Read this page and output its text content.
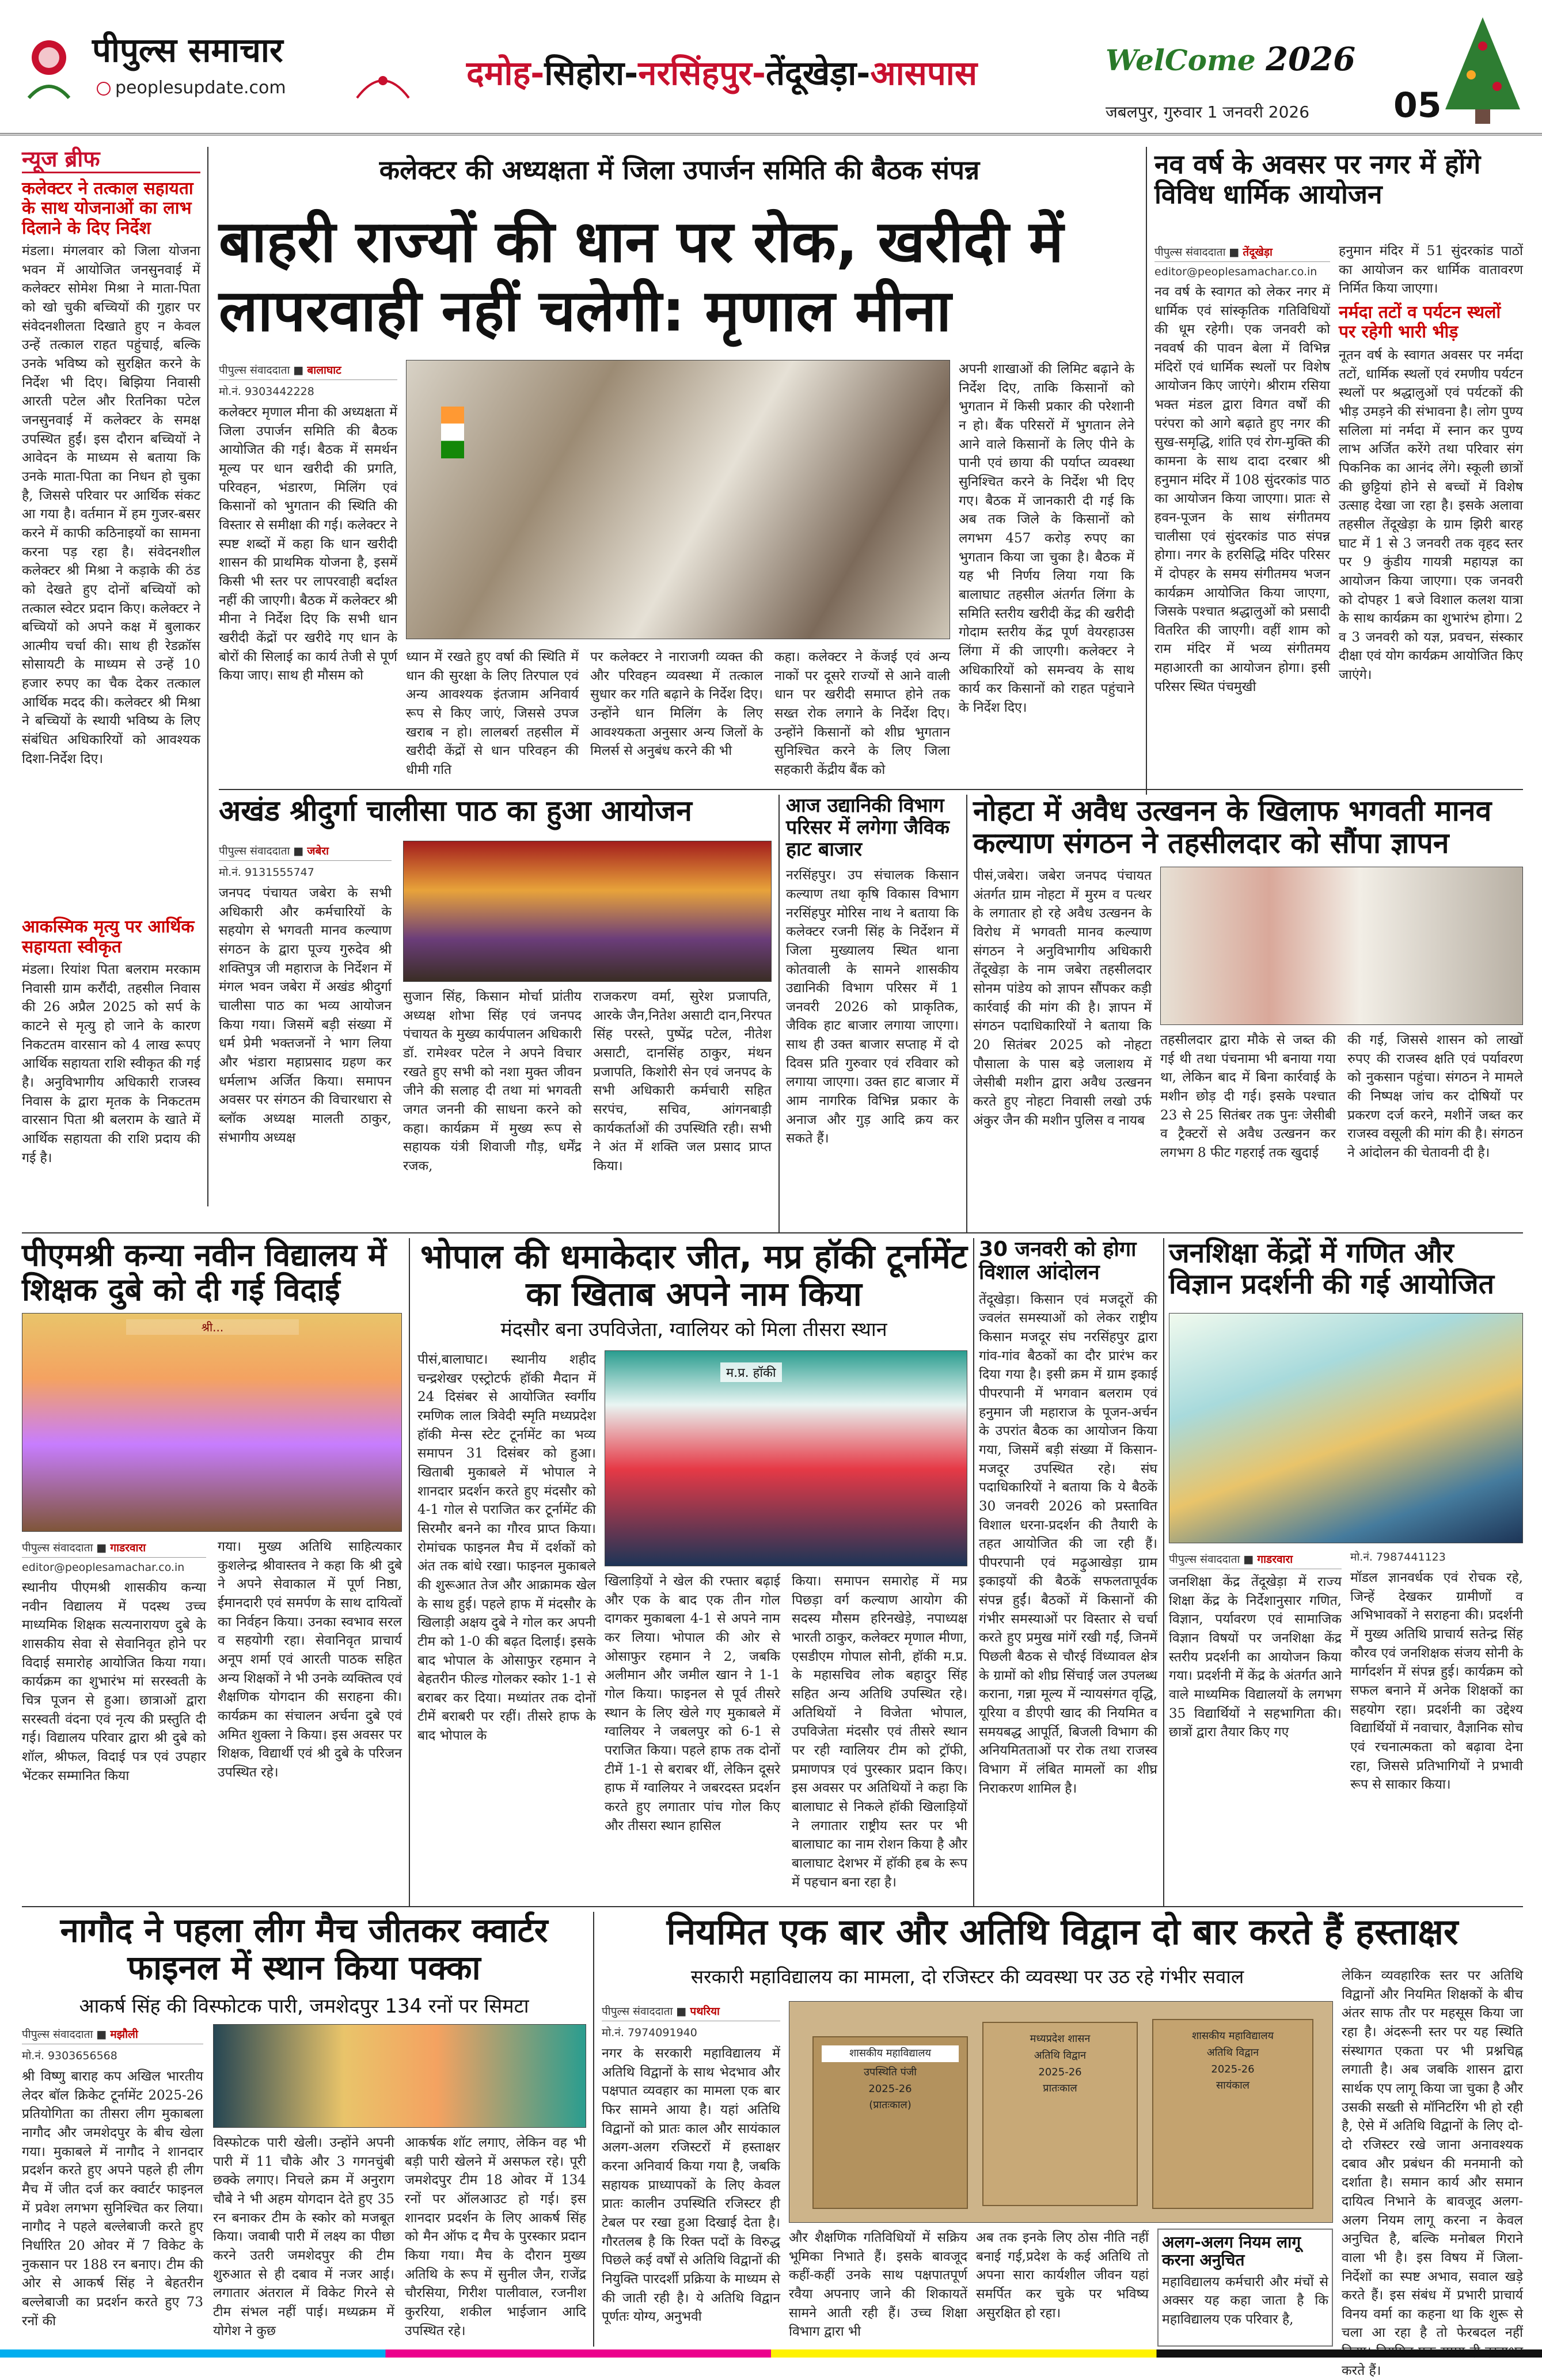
पीपुल्स समाचार
peoplesupdate.com	दमोह-सिहोरा-नरसिंहपुर-तेंदूखेड़ा-आसपास	WelCome 2026
जबलपुर, गुरुवार 1 जनवरी 2026 05
न्यूज ब्रीफ
कलेक्टर ने तत्काल सहायता के साथ योजनाओं का लाभ दिलाने के दिए निर्देश
मंडला। मंगलवार को जिला योजना भवन में आयोजित जनसुनवाई में कलेक्टर सोमेश मिश्रा ने माता-पिता को खो चुकी बच्चियों की गुहार पर संवेदनशीलता दिखाते हुए न केवल उन्हें तत्काल राहत पहुंचाई, बल्कि उनके भविष्य को सुरक्षित करने के निर्देश भी दिए। बिझिया निवासी आरती पटेल और रितनिका पटेल जनसुनवाई में कलेक्टर के समक्ष उपस्थित हुईं। इस दौरान बच्चियों ने आवेदन के माध्यम से बताया कि उनके माता-पिता का निधन हो चुका है, जिससे परिवार पर आर्थिक संकट आ गया है। वर्तमान में हम गुजर-बसर करने में काफी कठिनाइयों का सामना करना पड़ रहा है। संवेदनशील कलेक्टर श्री मिश्रा ने कड़ाके की ठंड को देखते हुए दोनों बच्चियों को तत्काल स्वेटर प्रदान किए। कलेक्टर ने बच्चियों को अपने कक्ष में बुलाकर आत्मीय चर्चा की। साथ ही रेडक्रॉस सोसायटी के माध्यम से उन्हें 10 हजार रुपए का चैक देकर तत्काल आर्थिक मदद की। कलेक्टर श्री मिश्रा ने बच्चियों के स्थायी भविष्य के लिए संबंधित अधिकारियों को आवश्यक दिशा-निर्देश दिए।
आकस्मिक मृत्यु पर आर्थिक सहायता स्वीकृत
मंडला। रियांश पिता बलराम मरकाम निवासी ग्राम करौंदी, तहसील निवास की 26 अप्रैल 2025 को सर्प के काटने से मृत्यु हो जाने के कारण निकटतम वारसान को 4 लाख रूपए आर्थिक सहायता राशि स्वीकृत की गई है। अनुविभागीय अधिकारी राजस्व निवास के द्वारा मृतक के निकटतम वारसान पिता श्री बलराम के खाते में आर्थिक सहायता की राशि प्रदाय की गई है।
कलेक्टर की अध्यक्षता में जिला उपार्जन समिति की बैठक संपन्न
बाहरी राज्यों की धान पर रोक, खरीदी में लापरवाही नहीं चलेगी: मृणाल मीना
पीपुल्स संवाददाता ■ बालाघाट
मो.नं. 9303442228
कलेक्टर मृणाल मीना की अध्यक्षता में जिला उपार्जन समिति की बैठक आयोजित की गई। बैठक में समर्थन मूल्य पर धान खरीदी की प्रगति, परिवहन, भंडारण, मिलिंग एवं किसानों को भुगतान की स्थिति की विस्तार से समीक्षा की गई। कलेक्टर ने स्पष्ट शब्दों में कहा कि धान खरीदी शासन की प्राथमिक योजना है, इसमें किसी भी स्तर पर लापरवाही बर्दाश्त नहीं की जाएगी। बैठक में कलेक्टर श्री मीना ने निर्देश दिए कि सभी धान खरीदी केंद्रों पर खरीदे गए धान के बोरों की सिलाई का कार्य तेजी से पूर्ण किया जाए। साथ ही मौसम को
ध्यान में रखते हुए वर्षा की स्थिति में धान की सुरक्षा के लिए तिरपाल एवं अन्य आवश्यक इंतजाम अनिवार्य रूप से किए जाएं, जिससे उपज खराब न हो। लालबर्रा तहसील में खरीदी केंद्रों से धान परिवहन की धीमी गति
पर कलेक्टर ने नाराजगी व्यक्त की और परिवहन व्यवस्था में तत्काल सुधार कर गति बढ़ाने के निर्देश दिए। उन्होंने धान मिलिंग के लिए आवश्यकता अनुसार अन्य जिलों के मिलर्स से अनुबंध करने की भी
कहा। कलेक्टर ने केंजई एवं अन्य नाकों पर दूसरे राज्यों से आने वाली धान पर खरीदी समाप्त होने तक सख्त रोक लगाने के निर्देश दिए। उन्होंने किसानों को शीघ्र भुगतान सुनिश्चित करने के लिए जिला सहकारी केंद्रीय बैंक को
अपनी शाखाओं की लिमिट बढ़ाने के निर्देश दिए, ताकि किसानों को भुगतान में किसी प्रकार की परेशानी न हो। बैंक परिसरों में भुगतान लेने आने वाले किसानों के लिए पीने के पानी एवं छाया की पर्याप्त व्यवस्था सुनिश्चित करने के निर्देश भी दिए गए। बैठक में जानकारी दी गई कि अब तक जिले के किसानों को लगभग 457 करोड़ रुपए का भुगतान किया जा चुका है। बैठक में यह भी निर्णय लिया गया कि बालाघाट तहसील अंतर्गत लिंगा के समिति स्तरीय खरीदी केंद्र की खरीदी गोदाम स्तरीय केंद्र पूर्ण वेयरहाउस लिंगा में की जाएगी। कलेक्टर ने अधिकारियों को समन्वय के साथ कार्य कर किसानों को राहत पहुंचाने के निर्देश दिए।
नव वर्ष के अवसर पर नगर में होंगे विविध धार्मिक आयोजन
पीपुल्स संवाददाता ■ तेंदूखेड़ा
editor@peoplesamachar.co.in
नव वर्ष के स्वागत को लेकर नगर में धार्मिक एवं सांस्कृतिक गतिविधियों की धूम रहेगी। एक जनवरी को नववर्ष की पावन बेला में विभिन्न मंदिरों एवं धार्मिक स्थलों पर विशेष आयोजन किए जाएंगे। श्रीराम रसिया भक्त मंडल द्वारा विगत वर्षों की परंपरा को आगे बढ़ाते हुए नगर की सुख-समृद्धि, शांति एवं रोग-मुक्ति की कामना के साथ दादा दरबार श्री हनुमान मंदिर में 108 सुंदरकांड पाठ का आयोजन किया जाएगा। प्रातः से हवन-पूजन के साथ संगीतमय चालीसा एवं सुंदरकांड पाठ संपन्न होगा। नगर के हरसिद्धि मंदिर परिसर में दोपहर के समय संगीतमय भजन कार्यक्रम आयोजित किया जाएगा, जिसके पश्चात श्रद्धालुओं को प्रसादी वितरित की जाएगी। वहीं शाम को राम मंदिर में भव्य संगीतमय महाआरती का आयोजन होगा। इसी परिसर स्थित पंचमुखी
हनुमान मंदिर में 51 सुंदरकांड पाठों का आयोजन कर धार्मिक वातावरण निर्मित किया जाएगा।
नर्मदा तटों व पर्यटन स्थलों पर रहेगी भारी भीड़
नूतन वर्ष के स्वागत अवसर पर नर्मदा तटों, धार्मिक स्थलों एवं रमणीय पर्यटन स्थलों पर श्रद्धालुओं एवं पर्यटकों की भीड़ उमड़ने की संभावना है। लोग पुण्य सलिला मां नर्मदा में स्नान कर पुण्य लाभ अर्जित करेंगे तथा परिवार संग पिकनिक का आनंद लेंगे। स्कूली छात्रों की छुट्टियां होने से बच्चों में विशेष उत्साह देखा जा रहा है। इसके अलावा तहसील तेंदूखेड़ा के ग्राम झिरी बारह घाट में 1 से 3 जनवरी तक वृहद स्तर पर 9 कुंडीय गायत्री महायज्ञ का आयोजन किया जाएगा। एक जनवरी को दोपहर 1 बजे विशाल कलश यात्रा के साथ कार्यक्रम का शुभारंभ होगा। 2 व 3 जनवरी को यज्ञ, प्रवचन, संस्कार दीक्षा एवं योग कार्यक्रम आयोजित किए जाएंगे।
अखंड श्रीदुर्गा चालीसा पाठ का हुआ आयोजन
पीपुल्स संवाददाता ■ जबेरा
मो.नं. 9131555747
जनपद पंचायत जबेरा के सभी अधिकारी और कर्मचारियों के सहयोग से भगवती मानव कल्याण संगठन के द्वारा पूज्य गुरुदेव श्री शक्तिपुत्र जी महाराज के निर्देशन में मंगल भवन जबेरा में अखंड श्रीदुर्गा चालीसा पाठ का भव्य आयोजन किया गया। जिसमें बड़ी संख्या में धर्म प्रेमी भक्तजनों ने भाग लिया और भंडारा महाप्रसाद ग्रहण कर धर्मलाभ अर्जित किया। समापन अवसर पर संगठन की विचारधारा से ब्लॉक अध्यक्ष मालती ठाकुर, संभागीय अध्यक्ष
सुजान सिंह, किसान मोर्चा प्रांतीय अध्यक्ष शोभा सिंह एवं जनपद पंचायत के मुख्य कार्यपालन अधिकारी डॉ. रामेश्वर पटेल ने अपने विचार रखते हुए सभी को नशा मुक्त जीवन जीने की सलाह दी तथा मां भगवती जगत जननी की साधना करने को कहा। कार्यक्रम में मुख्य रूप से सहायक यंत्री शिवाजी गौड़, धर्मेंद्र रजक,
राजकरण वर्मा, सुरेश प्रजापति, आरके जैन,नितेश असाटी दान,निरपत सिंह परस्ते, पुष्पेंद्र पटेल, नीतेश असाटी, दानसिंह ठाकुर, मंथन प्रजापति, किशोरी सेन एवं जनपद के सभी अधिकारी कर्मचारी सहित सरपंच, सचिव, आंगनबाड़ी कार्यकर्ताओं की उपस्थिति रही। सभी ने अंत में शक्ति जल प्रसाद प्राप्त किया।
आज उद्यानिकी विभाग परिसर में लगेगा जैविक हाट बाजार
नरसिंहपुर। उप संचालक किसान कल्याण तथा कृषि विकास विभाग नरसिंहपुर मोरिस नाथ ने बताया कि कलेक्टर रजनी सिंह के निर्देशन में जिला मुख्यालय स्थित थाना कोतवाली के सामने शासकीय उद्यानिकी विभाग परिसर में 1 जनवरी 2026 को प्राकृतिक, जैविक हाट बाजार लगाया जाएगा। साथ ही उक्त बाजार सप्ताह में दो दिवस प्रति गुरुवार एवं रविवार को लगाया जाएगा। उक्त हाट बाजार में आम नागरिक विभिन्न प्रकार के अनाज और गुड़ आदि क्रय कर सकते हैं।
नोहटा में अवैध उत्खनन के खिलाफ भगवती मानव कल्याण संगठन ने तहसीलदार को सौंपा ज्ञापन
पीसं,जबेरा। जबेरा जनपद पंचायत अंतर्गत ग्राम नोहटा में मुरम व पत्थर के लगातार हो रहे अवैध उत्खनन के विरोध में भगवती मानव कल्याण संगठन ने अनुविभागीय अधिकारी तेंदूखेड़ा के नाम जबेरा तहसीलदार सोनम पांडेय को ज्ञापन सौंपकर कड़ी कार्रवाई की मांग की है। ज्ञापन में संगठन पदाधिकारियों ने बताया कि 20 सितंबर 2025 को नोहटा पौसाला के पास बड़े जलाशय में जेसीबी मशीन द्वारा अवैध उत्खनन करते हुए नोहटा निवासी लखो उर्फ अंकुर जैन की मशीन पुलिस व नायब
तहसीलदार द्वारा मौके से जब्त की गई थी तथा पंचनामा भी बनाया गया था, लेकिन बाद में बिना कार्रवाई के मशीन छोड़ दी गई। इसके पश्चात 23 से 25 सितंबर तक पुनः जेसीबी व ट्रैक्टरों से अवैध उत्खनन कर लगभग 8 फीट गहराई तक खुदाई
की गई, जिससे शासन को लाखों रुपए की राजस्व क्षति एवं पर्यावरण को नुकसान पहुंचा। संगठन ने मामले की निष्पक्ष जांच कर दोषियों पर प्रकरण दर्ज करने, मशीनें जब्त कर राजस्व वसूली की मांग की है। संगठन ने आंदोलन की चेतावनी दी है।
पीएमश्री कन्या नवीन विद्यालय में शिक्षक दुबे को दी गई विदाई
श्री...
पीपुल्स संवाददाता ■ गाडरवारा
editor@peoplesamachar.co.in
स्थानीय पीएमश्री शासकीय कन्या नवीन विद्यालय में पदस्थ उच्च माध्यमिक शिक्षक सत्यनारायण दुबे के शासकीय सेवा से सेवानिवृत होने पर विदाई समारोह आयोजित किया गया। कार्यक्रम का शुभारंभ मां सरस्वती के चित्र पूजन से हुआ। छात्राओं द्वारा सरस्वती वंदना एवं नृत्य की प्रस्तुति दी गई। विद्यालय परिवार द्वारा श्री दुबे को शॉल, श्रीफल, विदाई पत्र एवं उपहार भेंटकर सम्मानित किया
गया। मुख्य अतिथि साहित्यकार कुशलेन्द्र श्रीवास्तव ने कहा कि श्री दुबे ने अपने सेवाकाल में पूर्ण निष्ठा, ईमानदारी एवं समर्पण के साथ दायित्वों का निर्वहन किया। उनका स्वभाव सरल व सहयोगी रहा। सेवानिवृत प्राचार्य अनूप शर्मा एवं आरती पाठक सहित अन्य शिक्षकों ने भी उनके व्यक्तित्व एवं शैक्षणिक योगदान की सराहना की। कार्यक्रम का संचालन अर्चना दुबे एवं अमित शुक्ला ने किया। इस अवसर पर शिक्षक, विद्यार्थी एवं श्री दुबे के परिजन उपस्थित रहे।
भोपाल की धमाकेदार जीत, मप्र हॉकी टूर्नामेंट का खिताब अपने नाम किया
मंदसौर बना उपविजेता, ग्वालियर को मिला तीसरा स्थान
पीसं,बालाघाट। स्थानीय शहीद चन्द्रशेखर एस्ट्रोटर्फ हॉकी मैदान में 24 दिसंबर से आयोजित स्वर्गीय रमणिक लाल त्रिवेदी स्मृति मध्यप्रदेश हॉकी मेन्स स्टेट टूर्नामेंट का भव्य समापन 31 दिसंबर को हुआ। खिताबी मुकाबले में भोपाल ने शानदार प्रदर्शन करते हुए मंदसौर को 4-1 गोल से पराजित कर टूर्नामेंट की सिरमौर बनने का गौरव प्राप्त किया। रोमांचक फाइनल मैच में दर्शकों को अंत तक बांधे रखा। फाइनल मुकाबले की शुरूआत तेज और आक्रामक खेल के साथ हुई। पहले हाफ में मंदसौर के खिलाड़ी अक्षय दुबे ने गोल कर अपनी टीम को 1-0 की बढ़त दिलाई। इसके बाद भोपाल के ओसाफुर रहमान ने बेहतरीन फील्ड गोलकर स्कोर 1-1 से बराबर कर दिया। मध्यांतर तक दोनों टीमें बराबरी पर रहीं। तीसरे हाफ के बाद भोपाल के
म.प्र. हॉकी
खिलाड़ियों ने खेल की रफ्तार बढ़ाई और एक के बाद एक तीन गोल दागकर मुकाबला 4-1 से अपने नाम कर लिया। भोपाल की ओर से ओसाफुर रहमान ने 2, जबकि अलीमान और जमील खान ने 1-1 गोल किया। फाइनल से पूर्व तीसरे स्थान के लिए खेले गए मुकाबले में ग्वालियर ने जबलपुर को 6-1 से पराजित किया। पहले हाफ तक दोनों टीमें 1-1 से बराबर थीं, लेकिन दूसरे हाफ में ग्वालियर ने जबरदस्त प्रदर्शन करते हुए लगातार पांच गोल किए और तीसरा स्थान हासिल
किया। समापन समारोह में मप्र पिछड़ा वर्ग कल्याण आयोग की सदस्य मौसम हरिनखेड़े, नपाध्यक्ष भारती ठाकुर, कलेक्टर मृणाल मीणा, एसडीएम गोपाल सोनी, हॉकी म.प्र. के महासचिव लोक बहादुर सिंह सहित अन्य अतिथि उपस्थित रहे। अतिथियों ने विजेता भोपाल, उपविजेता मंदसौर एवं तीसरे स्थान पर रही ग्वालियर टीम को ट्रॉफी, प्रमाणपत्र एवं पुरस्कार प्रदान किए। इस अवसर पर अतिथियों ने कहा कि बालाघाट से निकले हॉकी खिलाड़ियों ने लगातार राष्ट्रीय स्तर पर भी बालाघाट का नाम रोशन किया है और बालाघाट देशभर में हॉकी हब के रूप में पहचान बना रहा है।
30 जनवरी को होगा विशाल आंदोलन
तेंदूखेड़ा। किसान एवं मजदूरों की ज्वलंत समस्याओं को लेकर राष्ट्रीय किसान मजदूर संघ नरसिंहपुर द्वारा गांव-गांव बैठकों का दौर प्रारंभ कर दिया गया है। इसी क्रम में ग्राम इकाई पीपरपानी में भगवान बलराम एवं हनुमान जी महाराज के पूजन-अर्चन के उपरांत बैठक का आयोजन किया गया, जिसमें बड़ी संख्या में किसान-मजदूर उपस्थित रहे। संघ पदाधिकारियों ने बताया कि ये बैठकें 30 जनवरी 2026 को प्रस्तावित विशाल धरना-प्रदर्शन की तैयारी के तहत आयोजित की जा रही हैं। पीपरपानी एवं मढ़ुआखेड़ा ग्राम इकाइयों की बैठकें सफलतापूर्वक संपन्न हुईं। बैठकों में किसानों की गंभीर समस्याओं पर विस्तार से चर्चा करते हुए प्रमुख मांगें रखी गईं, जिनमें पिछली बैठक से चौरई विंध्यावल क्षेत्र के ग्रामों को शीघ्र सिंचाई जल उपलब्ध कराना, गन्ना मूल्य में न्यायसंगत वृद्धि, यूरिया व डीएपी खाद की नियमित व समयबद्ध आपूर्ति, बिजली विभाग की अनियमितताओं पर रोक तथा राजस्व विभाग में लंबित मामलों का शीघ्र निराकरण शामिल है।
जनशिक्षा केंद्रों में गणित और विज्ञान प्रदर्शनी की गई आयोजित
पीपुल्स संवाददाता ■ गाडरवारा
जनशिक्षा केंद्र तेंदूखेड़ा में राज्य शिक्षा केंद्र के निर्देशानुसार गणित, विज्ञान, पर्यावरण एवं सामाजिक विज्ञान विषयों पर जनशिक्षा केंद्र स्तरीय प्रदर्शनी का आयोजन किया गया। प्रदर्शनी में केंद्र के अंतर्गत आने वाले माध्यमिक विद्यालयों के लगभग 35 विद्यार्थियों ने सहभागिता की। छात्रों द्वारा तैयार किए गए
मो.नं. 7987441123
मॉडल ज्ञानवर्धक एवं रोचक रहे, जिन्हें देखकर ग्रामीणों व अभिभावकों ने सराहना की। प्रदर्शनी में मुख्य अतिथि प्राचार्य सतेन्द्र सिंह कौरव एवं जनशिक्षक संजय सोनी के मार्गदर्शन में संपन्न हुई। कार्यक्रम को सफल बनाने में अनेक शिक्षकों का सहयोग रहा। प्रदर्शनी का उद्देश्य विद्यार्थियों में नवाचार, वैज्ञानिक सोच एवं रचनात्मकता को बढ़ावा देना रहा, जिससे प्रतिभागियों ने प्रभावी रूप से साकार किया।
नागौद ने पहला लीग मैच जीतकर क्वार्टर फाइनल में स्थान किया पक्का
आकर्ष सिंह की विस्फोटक पारी, जमशेदपुर 134 रनों पर सिमटा
पीपुल्स संवाददाता ■ मझौली
मो.नं. 9303656568
श्री विष्णु बाराह कप अखिल भारतीय लेदर बॉल क्रिकेट टूर्नामेंट 2025-26 प्रतियोगिता का तीसरा लीग मुकाबला नागौद और जमशेदपुर के बीच खेला गया। मुकाबले में नागौद ने शानदार प्रदर्शन करते हुए अपने पहले ही लीग मैच में जीत दर्ज कर क्वार्टर फाइनल में प्रवेश लगभग सुनिश्चित कर लिया। नागौद ने पहले बल्लेबाजी करते हुए निर्धारित 20 ओवर में 7 विकेट के नुकसान पर 188 रन बनाए। टीम की ओर से आकर्ष सिंह ने बेहतरीन बल्लेबाजी का प्रदर्शन करते हुए 73 रनों की
विस्फोटक पारी खेली। उन्होंने अपनी पारी में 11 चौके और 3 गगनचुंबी छक्के लगाए। निचले क्रम में अनुराग चौबे ने भी अहम योगदान देते हुए 35 रन बनाकर टीम के स्कोर को मजबूत किया। जवाबी पारी में लक्ष्य का पीछा करने उतरी जमशेदपुर की टीम शुरुआत से ही दबाव में नजर आई। लगातार अंतराल में विकेट गिरने से टीम संभल नहीं पाई। मध्यक्रम में योगेश ने कुछ
आकर्षक शॉट लगाए, लेकिन वह भी बड़ी पारी खेलने में असफल रहे। पूरी जमशेदपुर टीम 18 ओवर में 134 रनों पर ऑलआउट हो गई। इस शानदार प्रदर्शन के लिए आकर्ष सिंह को मैन ऑफ द मैच के पुरस्कार प्रदान किया गया। मैच के दौरान मुख्य अतिथि के रूप में सुनील जैन, राजेंद्र चौरसिया, गिरीश पालीवाल, रजनीश कुररिया, शकील भाईजान आदि उपस्थित रहे।
नियमित एक बार और अतिथि विद्वान दो बार करते हैं हस्ताक्षर
सरकारी महाविद्यालय का मामला, दो रजिस्टर की व्यवस्था पर उठ रहे गंभीर सवाल
पीपुल्स संवाददाता ■ पथरिया
मो.नं. 7974091940
नगर के सरकारी महाविद्यालय में अतिथि विद्वानों के साथ भेदभाव और पक्षपात व्यवहार का मामला एक बार फिर सामने आया है। यहां अतिथि विद्वानों को प्रातः काल और सायंकाल अलग-अलग रजिस्टरों में हस्ताक्षर करना अनिवार्य किया गया है, जबकि सहायक प्राध्यापकों के लिए केवल प्रातः कालीन उपस्थिति रजिस्टर ही टेबल पर रखा हुआ दिखाई देता है। गौरतलब है कि रिक्त पदों के विरुद्ध पिछले कई वर्षों से अतिथि विद्वानों की नियुक्ति पारदर्शी प्रक्रिया के माध्यम से की जाती रही है। ये अतिथि विद्वान पूर्णतः योग्य, अनुभवी
शासकीय महाविद्यालय
उपस्थिति पंजी
2025-26
(प्रातःकाल)
मध्यप्रदेश शासन
अतिथि विद्वान
2025-26
प्रातःकाल
शासकीय महाविद्यालय
अतिथि विद्वान
2025-26
सायंकाल
और शैक्षणिक गतिविधियों में सक्रिय भूमिका निभाते हैं। इसके बावजूद कहीं-कहीं उनके साथ पक्षपातपूर्ण रवैया अपनाए जाने की शिकायतें सामने आती रही हैं। उच्च शिक्षा विभाग द्वारा भी
अब तक इनके लिए ठोस नीति नहीं बनाई गई,प्रदेश के कई अतिथि तो अपना सारा कार्यशील जीवन यहां समर्पित कर चुके पर भविष्य असुरक्षित हो रहा।
अलग-अलग नियम लागू करना अनुचित
महाविद्यालय कर्मचारी और मंचों से अक्सर यह कहा जाता है कि महाविद्यालय एक परिवार है,
लेकिन व्यवहारिक स्तर पर अतिथि विद्वानों और नियमित शिक्षकों के बीच अंतर साफ तौर पर महसूस किया जा रहा है। अंदरूनी स्तर पर यह स्थिति संस्थागत एकता पर भी प्रश्नचिह्न लगाती है। अब जबकि शासन द्वारा सार्थक एप लागू किया जा चुका है और उसकी सख्ती से मॉनिटरिंग भी हो रही है, ऐसे में अतिथि विद्वानों के लिए दो-दो रजिस्टर रखे जाना अनावश्यक दबाव और प्रबंधन की मनमानी को दर्शाता है। समान कार्य और समान दायित्व निभाने के बावजूद अलग-अलग नियम लागू करना न केवल अनुचित है, बल्कि मनोबल गिराने वाला भी है। इस विषय में जिला-निर्देशों का स्पष्ट अभाव, सवाल खड़े करते हैं। इस संबंध में प्रभारी प्राचार्य विनय वर्मा का कहना था कि शुरू से चला आ रहा है तो फेरबदल नहीं करते हैं।
